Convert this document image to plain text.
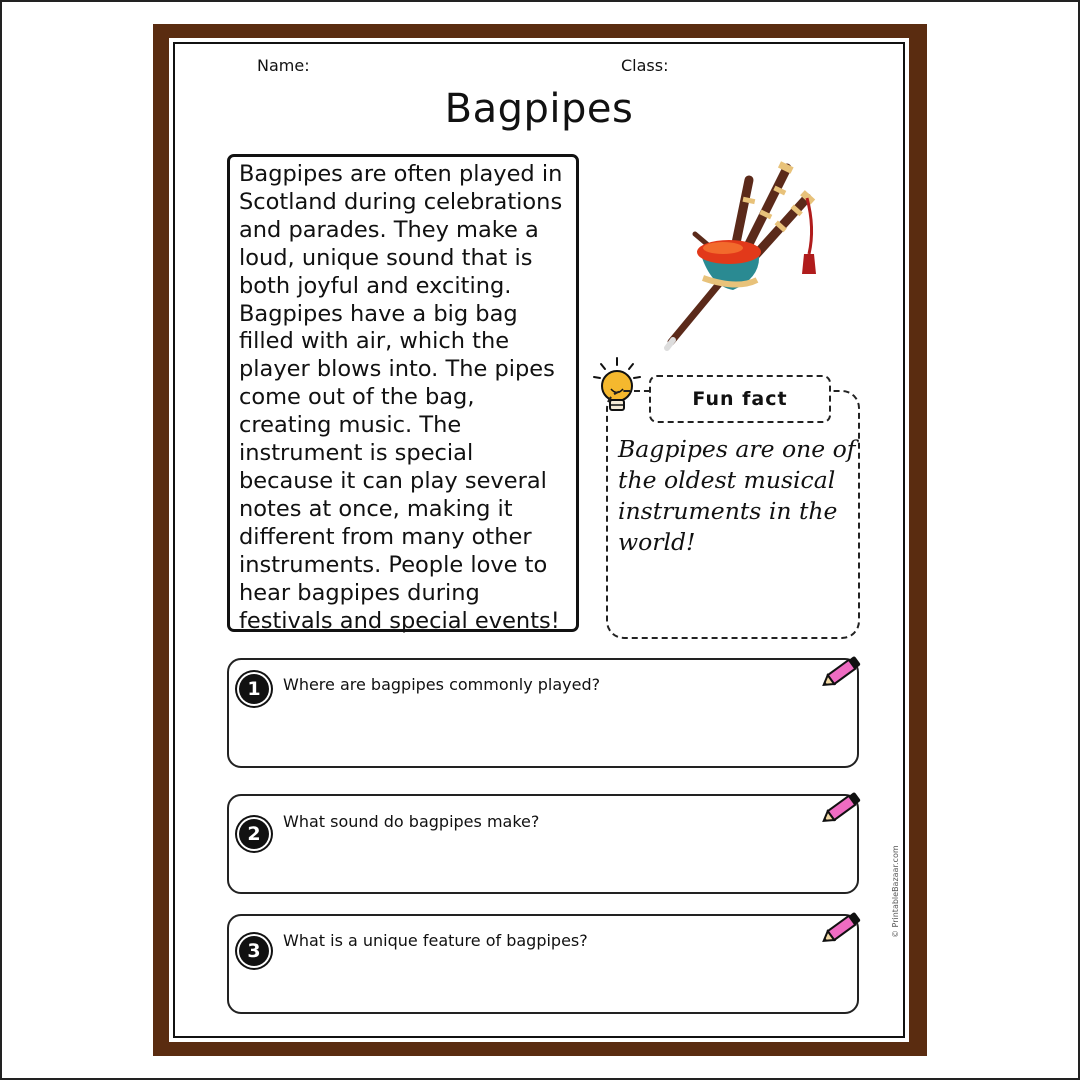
Name:	Class:
Bagpipes
Bagpipes are often played in Scotland during celebrations and parades. They make a loud, unique sound that is both joyful and exciting. Bagpipes have a big bag filled with air, which the player blows into. The pipes come out of the bag, creating music. The instrument is special because it can play several notes at once, making it different from many other instruments. People love to hear bagpipes during festivals and special events!
Fun fact
Bagpipes are one of the oldest musical instruments in the world!
1	Where are bagpipes commonly played?
2
What sound do bagpipes make?
3	What is a unique feature of bagpipes?
© PrintableBazaar.com
